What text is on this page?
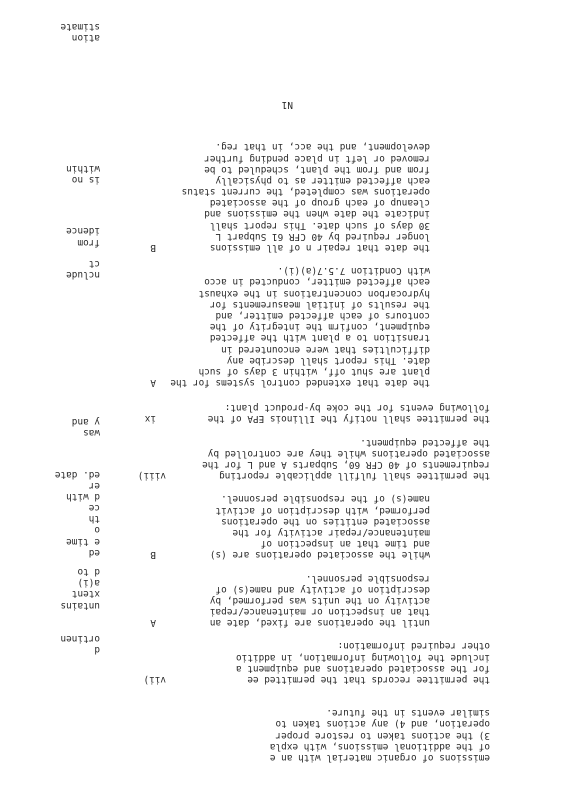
emissions of organic material with an e
of the additional emissions, with expla
3) the actions taken to restore proper
operation, and 4) any actions taken to
similar events in the future.
vii)	the permittee records that the permitted ee
for the associated operations and equipment a
include the following information, in additio
other required information:
A	until the operations are fixed, date an
that an inspection or maintenance/repai
activity on the units was performed, by
description of activity and name(s) of
responsible personnel.
B	while the associated operations are (s)
and time that an inspection of
maintenance/repair activity for the
associated entities on the operations
performed, with description of activit
name(s) of the responsible personnel.
viii)	the permittee shall fulfill applicable reporting
requirements of 40 CFR 60, Subparts A and L for the
associated operations while they are controlled by
the affected equipment.
ix	the permittee shall notify the Illinois EPA of the
following events for the coke by-product plant:
A the date that extended control systems for the
plant are shut off, within 3 days of such
date. This report shall describe any
difficulties that were encountered in
transition to a plant with the affected
equipment, confirm the integrity of the
contours of each affected emitter, and
the results of initial measurements for
hydrocarbon concentrations in the exhaust
each affected emitter, conducted in acco
with Condition 7.5.7(a)(i).
B	the date that repair n of all emissions
longer required by 40 CFR 61 Subpart L
30 days of such date. This report shall
indicate the date when the emissions and
cleanup of each group of the associated
operations was completed, the current status
each affected emitter as to physically
from and from the plant, scheduled to be
removed or left in place pending further
development, and the acc, in that reg.
d
ortinen
untains
xtent
a(i)
d to
ed
e time
o
th
ce
d with
er
ed. date
was
y and
nclude
ct
from
idence
is no
within
ation
stimate
N1
